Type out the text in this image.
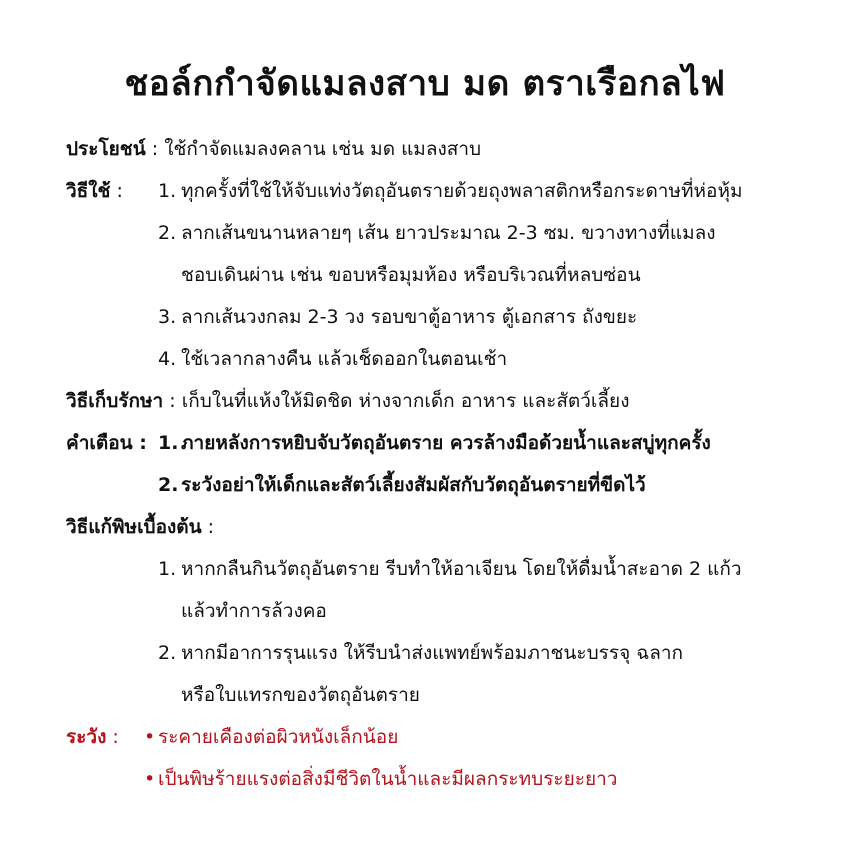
ชอล์กกำจัดแมลงสาบ มด ตราเรือกลไฟ
ประโยชน์ : ใช้กำจัดแมลงคลาน เช่น มด แมลงสาบ
วิธีใช้ : 1. ทุกครั้งที่ใช้ให้จับแท่งวัตถุอันตรายด้วยถุงพลาสติกหรือกระดาษที่ห่อหุ้ม
2. ลากเส้นขนานหลายๆ เส้น ยาวประมาณ 2-3 ซม. ขวางทางที่แมลง
ชอบเดินผ่าน เช่น ขอบหรือมุมห้อง หรือบริเวณที่หลบซ่อน
3. ลากเส้นวงกลม 2-3 วง รอบขาตู้อาหาร ตู้เอกสาร ถังขยะ
4. ใช้เวลากลางคืน แล้วเช็ดออกในตอนเช้า
วิธีเก็บรักษา : เก็บในที่แห้งให้มิดชิด ห่างจากเด็ก อาหาร และสัตว์เลี้ยง
คำเตือน : 1. ภายหลังการหยิบจับวัตถุอันตราย ควรล้างมือด้วยน้ำและสบู่ทุกครั้ง
2. ระวังอย่าให้เด็กและสัตว์เลี้ยงสัมผัสกับวัตถุอันตรายที่ขีดไว้
วิธีแก้พิษเบื้องต้น :
1. หากกลืนกินวัตถุอันตราย รีบทำให้อาเจียน โดยให้ดื่มน้ำสะอาด 2 แก้ว
แล้วทำการล้วงคอ
2. หากมีอาการรุนแรง ให้รีบนำส่งแพทย์พร้อมภาชนะบรรจุ ฉลาก
หรือใบแทรกของวัตถุอันตราย
ระวัง : • ระคายเคืองต่อผิวหนังเล็กน้อย
• เป็นพิษร้ายแรงต่อสิ่งมีชีวิตในน้ำและมีผลกระทบระยะยาว
